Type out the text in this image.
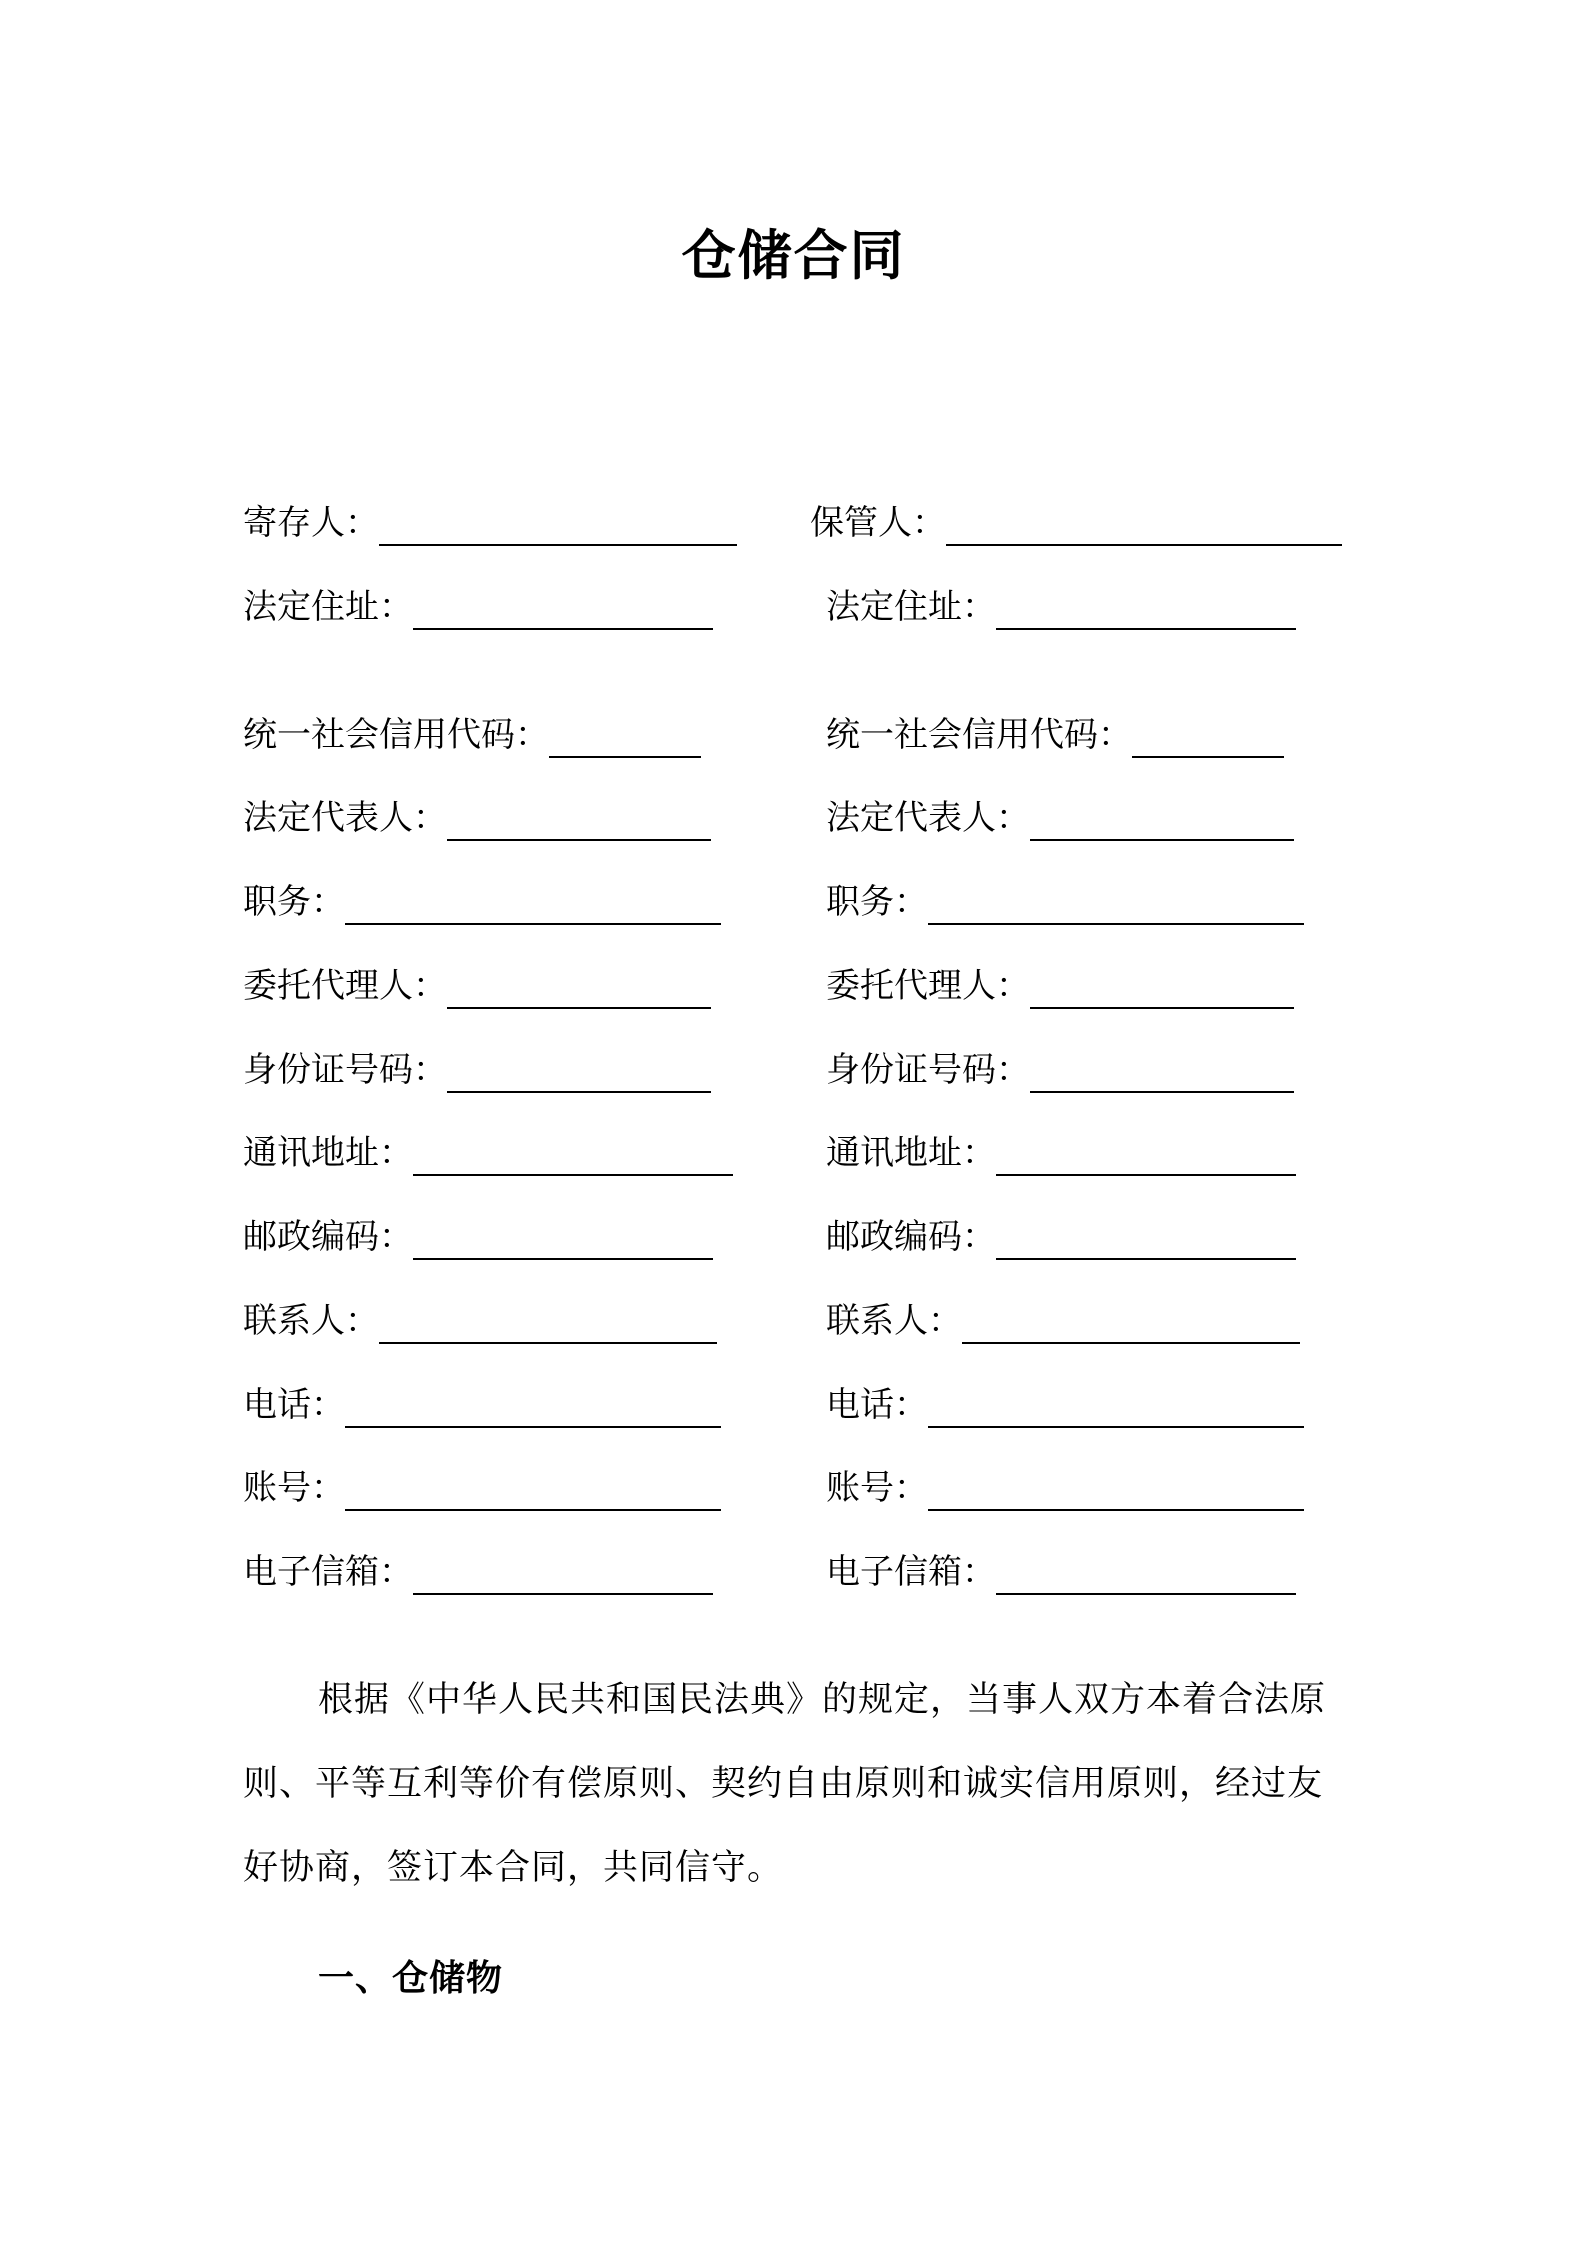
仓储合同
寄存人：
法定住址：
统一社会信用代码：
法定代表人：
职务：
委托代理人：
身份证号码：
通讯地址：
邮政编码：
联系人：
电话：
账号：
电子信箱：
保管人：
法定住址：
统一社会信用代码：
法定代表人：
职务：
委托代理人：
身份证号码：
通讯地址：
邮政编码：
联系人：
电话：
账号：
电子信箱：

根据《中华人民共和国民法典》的规定，当事人双方本着合法原则、平等互利等价有偿原则、契约自由原则和诚实信用原则，经过友好协商，签订本合同，共同信守。

一、仓储物
